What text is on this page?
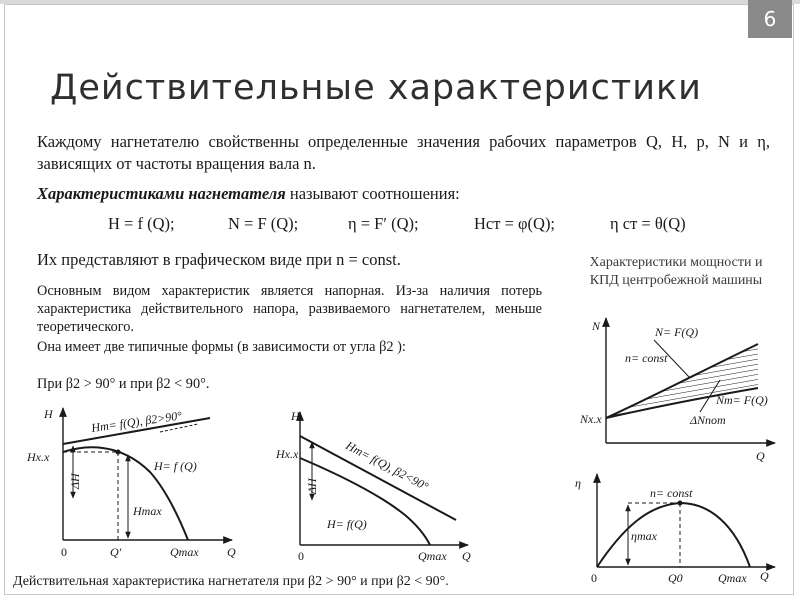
6
Действительные характеристики
Каждому нагнетателю свойственны определенные значения рабочих параметров Q, H, p, N и η, зависящих от частоты вращения вала n.
Характеристиками нагнетателя называют соотношения:
H = f (Q);	N = F (Q);	η = F′ (Q);	Hст = φ(Q);	η ст = θ(Q)
Их представляют в графическом виде при n = const.
Основным видом характеристик является напорная. Из-за наличия потерь характеристика действительного напора, развиваемого нагнетателем, меньше теоретического.
Она имеет две типичные формы (в зависимости от угла β2 ):
При β2 > 90° и при β2 < 90°.
Характеристики мощности и КПД центробежной машины
Действительная характеристика нагнетателя при β2 > 90° и при β2 < 90°.
H
Q
0
Hx.x
ΔH
Hт= f(Q), β2>90°
H= f (Q)
Hmax
Q′	Qmax
H
Q
0
Hx.x
ΔH Hт= f(Q), β2<90°
H= f(Q)
Qmax
N
Q
N= F(Q)
n= const
Nт= F(Q)
ΔNпот
Nx.x
η
Q
0
n= const
ηmax
Q0	Qmax
